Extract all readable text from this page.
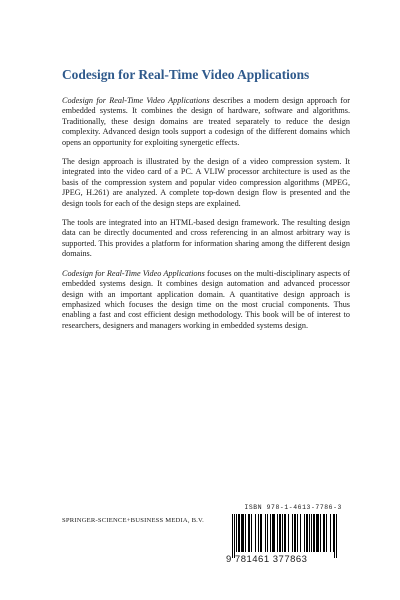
Codesign for Real-Time Video Applications

Codesign for Real-Time Video Applications describes a modern design approach for embedded systems. It combines the design of hardware, software and algorithms. Traditionally, these design domains are treated separately to reduce the design complexity. Advanced design tools support a codesign of the different domains which opens an opportunity for exploiting synergetic effects.

The design approach is illustrated by the design of a video compression system. It integrated into the video card of a PC. A VLIW processor architecture is used as the basis of the compression system and popular video compression algorithms (MPEG, JPEG, H.261) are analyzed. A complete top-down design flow is presented and the design tools for each of the design steps are explained.

The tools are integrated into an HTML-based design framework. The resulting design data can be directly documented and cross referencing in an almost arbitrary way is supported. This provides a platform for information sharing among the different design domains.

Codesign for Real-Time Video Applications focuses on the multi-disciplinary aspects of embedded systems design. It combines design automation and advanced processor design with an important application domain. A quantitative design approach is emphasized which focuses the design time on the most crucial components. Thus enabling a fast and cost efficient design methodology. This book will be of interest to researchers, designers and managers working in embedded systems design.

SPRINGER-SCIENCE+BUSINESS MEDIA, B.V.
ISBN 978-1-4613-7786-3
9 781461 377863
